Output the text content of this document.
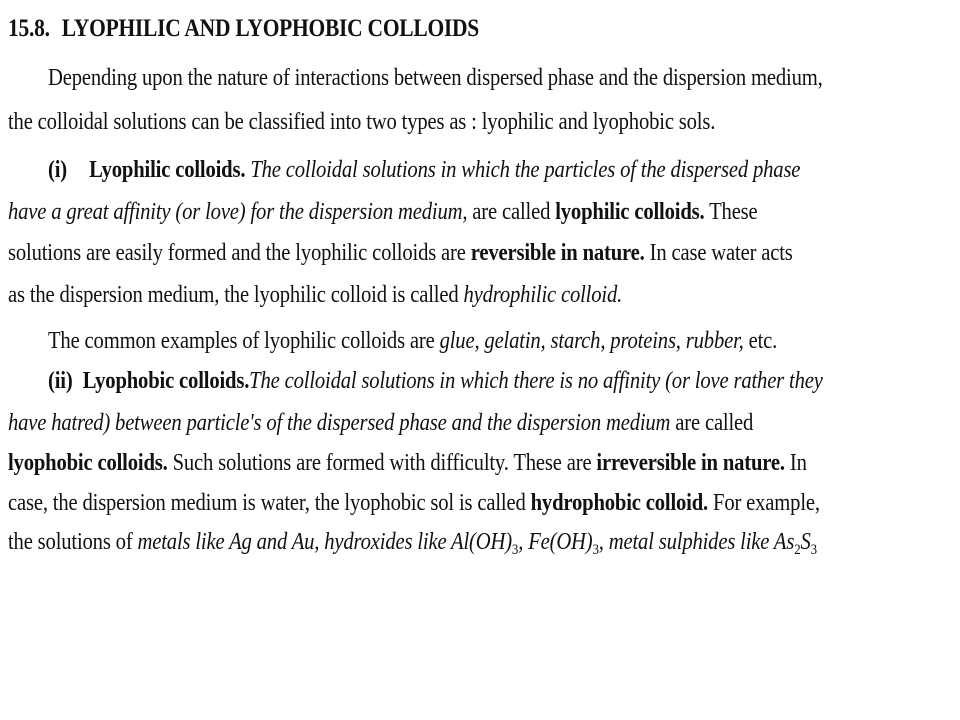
15.8. LYOPHILIC AND LYOPHOBIC COLLOIDS
Depending upon the nature of interactions between dispersed phase and the dispersion medium,
the colloidal solutions can be classified into two types as : lyophilic and lyophobic sols.
(i) Lyophilic colloids. The colloidal solutions in which the particles of the dispersed phase
have a great affinity (or love) for the dispersion medium, are called lyophilic colloids. These
solutions are easily formed and the lyophilic colloids are reversible in nature. In case water acts
as the dispersion medium, the lyophilic colloid is called hydrophilic colloid.
The common examples of lyophilic colloids are glue, gelatin, starch, proteins, rubber, etc.
(ii) Lyophobic colloids.The colloidal solutions in which there is no affinity (or love rather they
have hatred) between particle's of the dispersed phase and the dispersion medium are called
lyophobic colloids. Such solutions are formed with difficulty. These are irreversible in nature. In
case, the dispersion medium is water, the lyophobic sol is called hydrophobic colloid. For example,
the solutions of metals like Ag and Au, hydroxides like $Al(OH)_3$, $Fe(OH)_3$, metal sulphides like $As_2S_3$
